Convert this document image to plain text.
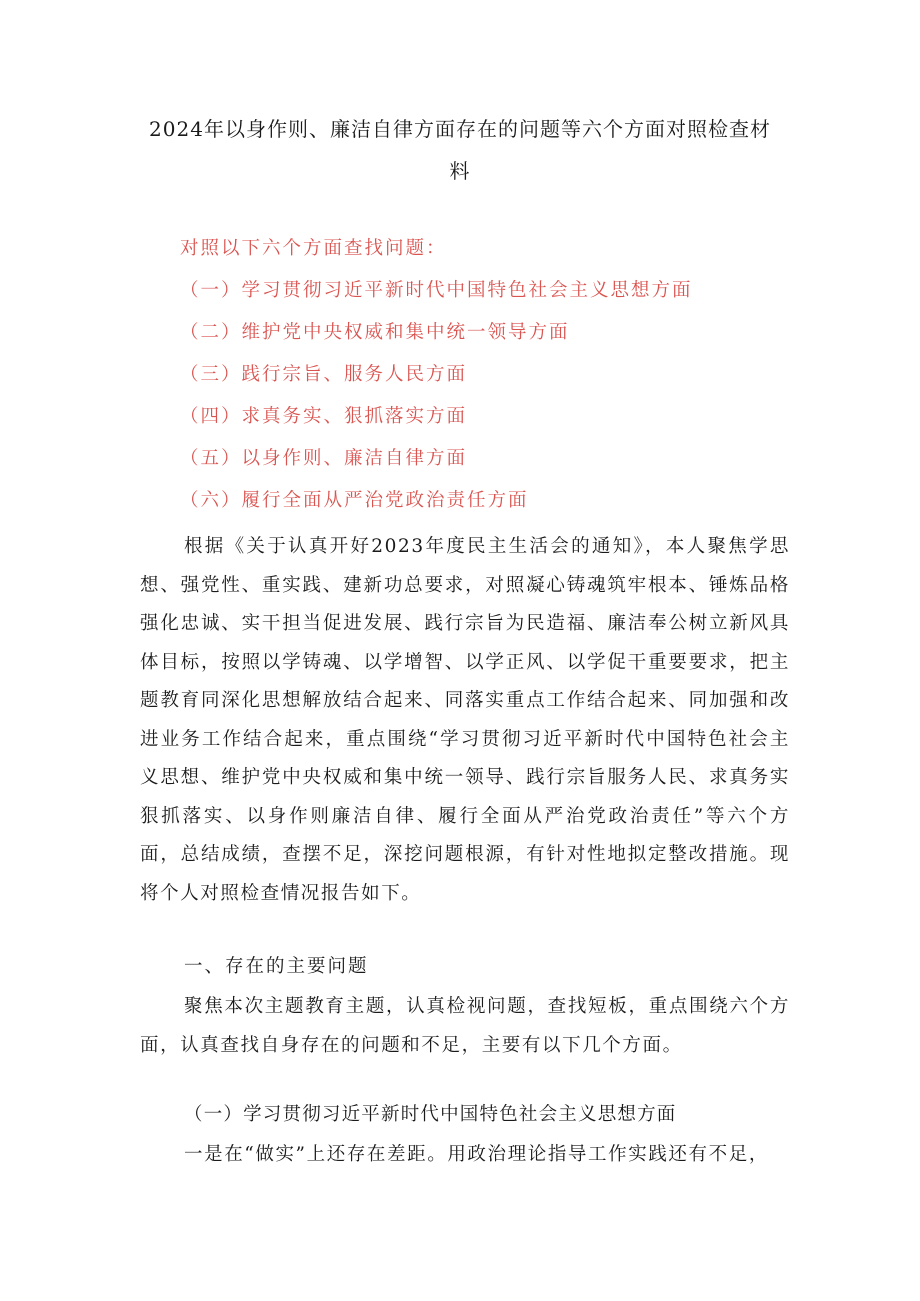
2024年以身作则、廉洁自律方面存在的问题等六个方面对照检查材料
对照以下六个方面查找问题：
（一）学习贯彻习近平新时代中国特色社会主义思想方面
（二）维护党中央权威和集中统一领导方面
（三）践行宗旨、服务人民方面
（四）求真务实、狠抓落实方面
（五）以身作则、廉洁自律方面
（六）履行全面从严治党政治责任方面
根据《关于认真开好2023年度民主生活会的通知》，本人聚焦学思想、强党性、重实践、建新功总要求，对照凝心铸魂筑牢根本、锤炼品格强化忠诚、实干担当促进发展、践行宗旨为民造福、廉洁奉公树立新风具体目标，按照以学铸魂、以学增智、以学正风、以学促干重要要求，把主题教育同深化思想解放结合起来、同落实重点工作结合起来、同加强和改进业务工作结合起来，重点围绕“学习贯彻习近平新时代中国特色社会主义思想、维护党中央权威和集中统一领导、践行宗旨服务人民、求真务实狠抓落实、以身作则廉洁自律、履行全面从严治党政治责任”等六个方面，总结成绩，查摆不足，深挖问题根源，有针对性地拟定整改措施。现将个人对照检查情况报告如下。
一、存在的主要问题
聚焦本次主题教育主题，认真检视问题，查找短板，重点围绕六个方面，认真查找自身存在的问题和不足，主要有以下几个方面。
（一）学习贯彻习近平新时代中国特色社会主义思想方面
一是在“做实”上还存在差距。用政治理论指导工作实践还有不足，
